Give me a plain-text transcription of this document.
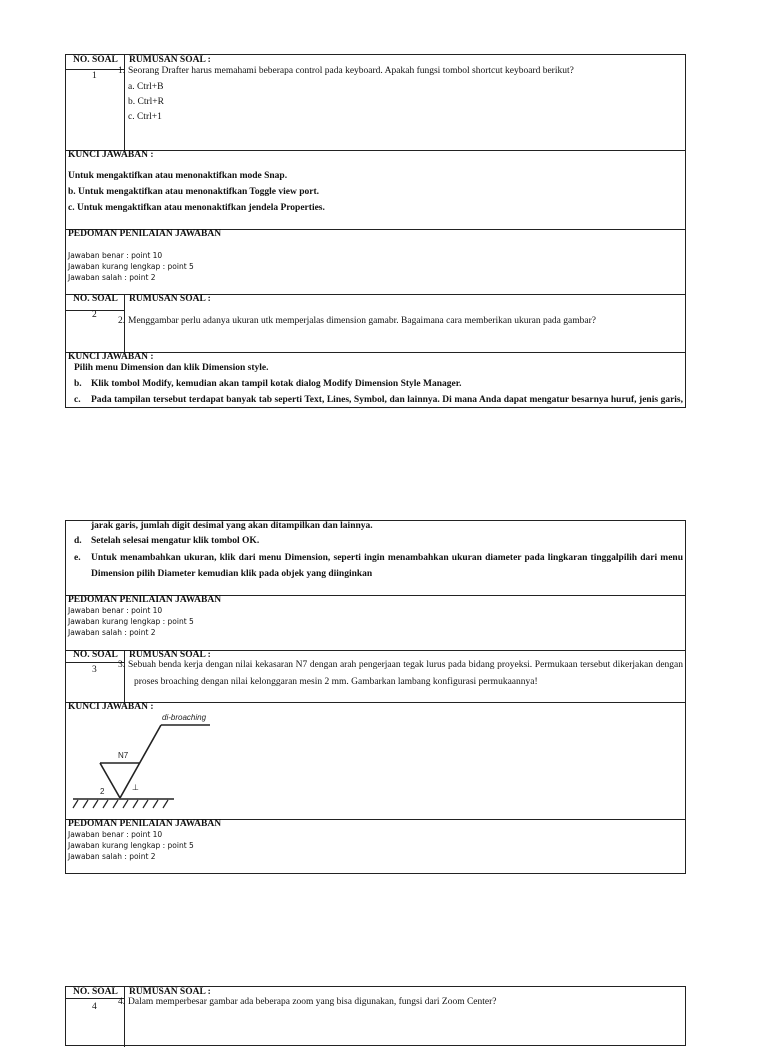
NO. SOAL
1
RUMUSAN SOAL :
1. Seorang Drafter harus memahami beberapa control pada keyboard. Apakah fungsi tombol shortcut keyboard berikut?
a. Ctrl+B
b. Ctrl+R
c. Ctrl+1
KUNCI JAWABAN :
Untuk mengaktifkan atau menonaktifkan mode Snap.
b. Untuk mengaktifkan atau menonaktifkan Toggle view port.
c. Untuk mengaktifkan atau menonaktifkan jendela Properties.
PEDOMAN PENILAIAN JAWABAN
Jawaban benar : point 10
Jawaban kurang lengkap : point 5
Jawaban salah : point 2
NO. SOAL
2
RUMUSAN SOAL :
2. Menggambar perlu adanya ukuran utk memperjalas dimension gamabr. Bagaimana cara memberikan ukuran pada gambar?
KUNCI JAWABAN :
Pilih menu Dimension dan klik Dimension style.
b. Klik tombol Modify, kemudian akan tampil kotak dialog Modify Dimension Style Manager.
c. Pada tampilan tersebut terdapat banyak tab seperti Text, Lines, Symbol, dan lainnya. Di mana Anda dapat mengatur besarnya huruf, jenis garis,
jarak garis, jumlah digit desimal yang akan ditampilkan dan lainnya.
d. Setelah selesai mengatur klik tombol OK.
e. Untuk menambahkan ukuran, klik dari menu Dimension, seperti ingin menambahkan ukuran diameter pada lingkaran tinggalpilih dari menu
Dimension pilih Diameter kemudian klik pada objek yang diinginkan
PEDOMAN PENILAIAN JAWABAN
Jawaban benar : point 10
Jawaban kurang lengkap : point 5
Jawaban salah : point 2
NO. SOAL
3
RUMUSAN SOAL :
3. Sebuah benda kerja dengan nilai kekasaran N7 dengan arah pengerjaan tegak lurus pada bidang proyeksi. Permukaan tersebut dikerjakan dengan
proses broaching dengan nilai kelonggaran mesin 2 mm. Gambarkan lambang konfigurasi permukaannya!
KUNCI JAWABAN :
di-broaching
N7
2	⊥
PEDOMAN PENILAIAN JAWABAN
Jawaban benar : point 10
Jawaban kurang lengkap : point 5
Jawaban salah : point 2
NO. SOAL
4
RUMUSAN SOAL :
4. Dalam memperbesar gambar ada beberapa zoom yang bisa digunakan, fungsi dari Zoom Center?
